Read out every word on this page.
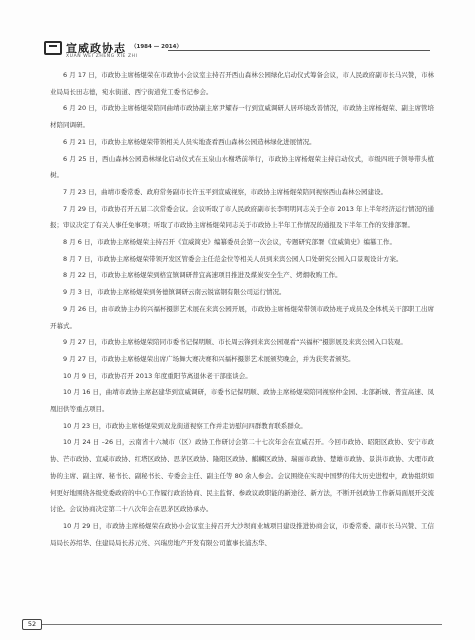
宣威政协志 （1984 — 2014）
XUAN WEI ZHENG XIE ZHI

6 月 17 日，市政协主席杨焜荣在市政协小会议室主持召开西山森林公园绿化启动仪式筹备会议，市人民政府副市长马兴赞，市林业局局长田志德，宛水街道、西宁街道党工委书记参会。

6 月 20 日，市政协主席杨焜荣陪同曲靖市政协副主席尹耀春一行到宣威调研人居环境改善情况，市政协主席杨焜荣、副主席管培材陪同调研。

6 月 21 日，市政协主席杨焜荣带领相关人员实地查看西山森林公园造林绿化进展情况。

6 月 25 日，西山森林公园造林绿化启动仪式在玉泉山水榭塔前举行，市政协主席杨焜荣主持启动仪式，市级四班子领导带头植树。

7 月 23 日，曲靖市委常委、政府常务副市长许玉平到宣威视察，市政协主席杨焜荣陪同视察西山森林公园建设。

7 月 29 日，市政协召开五届二次常委会议。会议听取了市人民政府副市长李明明同志关于全市 2013 年上半年经济运行情况的通报；审议决定了有关人事任免事项；听取了市政协主席杨焜荣同志关于市政协上半年工作情况的通报及下半年工作的安排部署。

8 月 6 日，市政协主席杨焜荣主持召开《宣威简史》编纂委员会第一次会议，专题研究部署《宣威简史》编纂工作。

8 月 7 日，市政协主席杨焜荣带领开发区管委会主任范金位等相关人员到来宾公园人口处研究公园入口景观设计方案。

8 月 22 日，市政协主席杨焜荣到格宜镇调研普宜高速项目推进及煤炭安全生产、烤烟收购工作。

9 月 3 日，市政协主席杨焜荣到务德镇调研云南云锐富钢有限公司运行情况。

9 月 26 日，由市政协主办的兴福杯摄影艺术展在来宾公园开展，市政协主席杨焜荣带领市政协班子成员及全体机关干部职工出席开幕式。

9 月 27 日，市政协主席杨焜荣陪同市委书记保明顺、市长周云锋到来宾公园观看“兴福杯”摄影展及来宾公园入口装观。

9 月 27 日，市政协主席杨焜荣出席广场舞大赛决赛和兴福杯摄影艺术展颁奖晚会，并为获奖者颁奖。

10 月 9 日，市政协召开 2013 年度重阳节离退休老干部座谈会。

10 月 16 日，曲靖市政协主席赵建华到宣威调研，市委书记保明顺、政协主席杨焜荣陪同视察仲金园、北部新城、普宜高速、凤凰旧供等重点项目。

10 月 23 日，市政协主席杨焜荣到双龙街道视察工作并走访慰问四群教育联系群众。

10 月 24 日 –26 日，云南省十六城市（区）政协工作研讨会第二十七次年会在宣威召开。今回市政协、昭阳区政协、安宁市政协、芒市政协、宣威市政协、红塔区政协、思茅区政协、隆阳区政协、麒麟区政协、瑞丽市政协、楚雄市政协、景洪市政协、大理市政协的主席、副主席、秘书长、副秘书长、专委会主任、副主任等 80 余人参会。会议围绕在实现中国梦的伟大历史进程中，政协组织如何更好地围绕各级党委政府的中心工作履行政治协商、民主监督、参政议政职能的新途径、新方法，不断开创政协工作新局面展开交流讨论。会议协商决定第二十八次年会在思茅区政协承办。

10 月 29 日，市政协主席杨焜荣在政协小会议室主持召开大沙坝商业城项目建设推进协商会议，市委常委、副市长马兴赞、工信局局长苏绍华、住建局局长苏元亮、兴瑞房地产开发有限公司董事长浦杰华、

52
